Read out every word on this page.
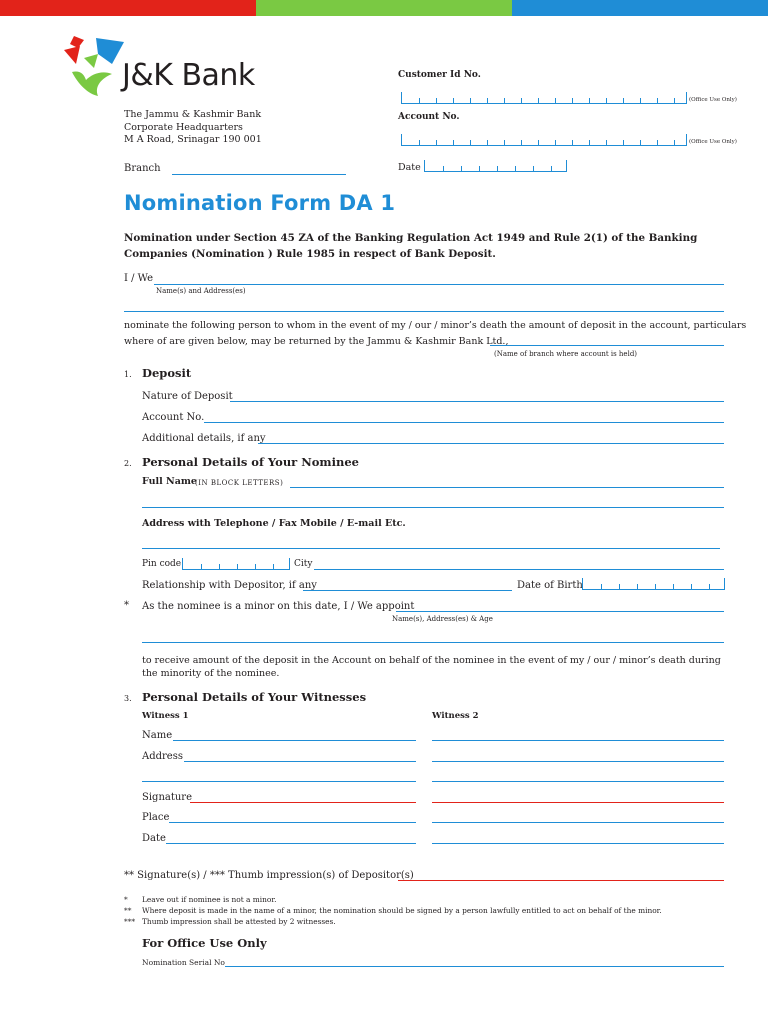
J&K Bank
The Jammu & Kashmir Bank
Corporate Headquarters
M A Road, Srinagar 190 001
Branch
Customer Id No.
(Office Use Only)
Account No.
(Office Use Only)
Date
Nomination Form DA 1
Nomination under Section 45 ZA of the Banking Regulation Act 1949 and Rule 2(1) of the Banking
Companies (Nomination ) Rule 1985 in respect of Bank Deposit.
I / We
Name(s) and Address(es)
nominate the following person to whom in the event of my / our / minor’s death the amount of deposit in the account, particulars
where of are given below, may be returned by the Jammu & Kashmir Bank Ltd.,
(Name of branch where account is held)
1. Deposit
Nature of Deposit
Account No.
Additional details, if any
2. Personal Details of Your Nominee
Full Name
(IN BLOCK LETTERS)
Address with Telephone / Fax Mobile / E-mail Etc.
Pin code	City
Relationship with Depositor, if any	Date of Birth
* As the nominee is a minor on this date, I / We appoint
Name(s), Address(es) & Age
to receive amount of the deposit in the Account on behalf of the nominee in the event of my / our / minor’s death during
the minority of the nominee.
3. Personal Details of Your Witnesses
Witness 1	Witness 2
Name
Address
Signature
Place
Date
** Signature(s) / *** Thumb impression(s) of Depositor(s)
* Leave out if nominee is not a minor.
** Where deposit is made in the name of a minor, the nomination should be signed by a person lawfully entitled to act on behalf of the minor.
*** Thumb impression shall be attested by 2 witnesses.
For Office Use Only
Nomination Serial No
